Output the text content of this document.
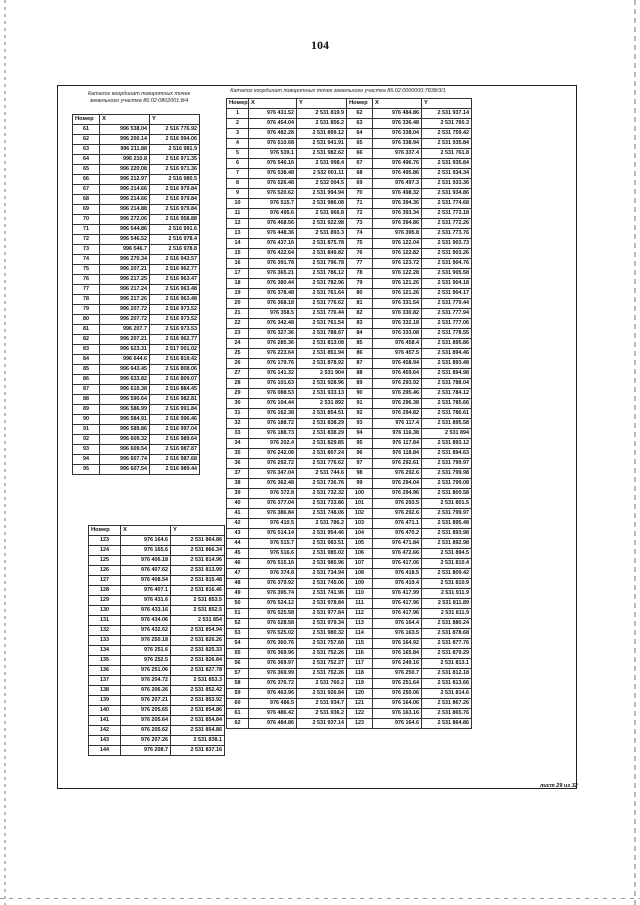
104
Каталог координат поворотных точек
земельного участка 86:02:0802001:8/4
Каталог координат поворотных точек земельного участка 86:02:0000000:7838/3/1
Номер	X	Y
61	996 538.04	2 516 776.92
62	996 200.14	2 516 994.06
63	996 211.88	2 516 981.9
64	996 210.8	2 516 971.35
65	996 220.08	2 516 971.36
66	996 212.97	2 516 980.5
67	996 214.66	2 516 979.84
68	996 214.66	2 516 979.84
69	996 214.88	2 516 979.84
70	996 272.06	2 516 958.88
71	996 544.86	2 516 991.6
72	996 546.52	2 516 978.4
73	996 546.7	2 516 978.8
74	996 270.34	2 516 943.57
75	996 207.21	2 516 962.77
76	996 217.25	2 516 963.47
77	996 217.24	2 516 963.48
78	996 217.26	2 516 963.48
79	996 207.72	2 516 973.52
80	996 207.72	2 516 973.52
81	996 207.7	2 516 973.53
82	996 207.21	2 516 962.77
83	996 623.31	2 517 001.02
84	996 644.6	2 516 819.42
85	996 643.45	2 516 808.06
86	996 633.82	2 516 809.07
87	996 610.38	2 516 884.45
88	996 590.64	2 516 982.81
89	996 586.99	2 516 991.84
90	996 584.91	2 516 996.46
91	996 589.86	2 516 997.04
92	996 609.32	2 516 989.64
93	996 609.54	2 516 987.87
94	996 607.74	2 516 987.68
95	996 607.54	2 516 989.44
Номер	X	Y
1	976 431.52	2 531 819.9
2	976 454.04	2 531 856.2
3	976 482.28	2 531 899.12
4	976 510.68	2 531 941.91
5	976 539.1	2 531 982.62
6	976 546.16	2 531 998.4
7	976 538.48	2 532 001.11
8	976 526.48	2 532 004.5
9	976 520.62	2 531 994.94
10	976 515.7	2 531 986.08
11	976 495.6	2 531 966.8
12	976 468.56	2 531 922.98
13	976 448.36	2 531 893.3
14	976 437.16	2 531 875.78
15	976 422.64	2 531 849.82
16	976 391.78	2 531 796.78
17	976 365.21	2 531 786.12
18	976 380.44	2 531 782.96
19	976 378.48	2 531 761.64
20	976 368.18	2 531 776.62
21	976 358.5	2 531 776.44
22	976 342.48	2 531 761.54
23	976 327.36	2 531 788.67
24	976 285.36	2 531 813.08
25	976 223.64	2 531 851.94
26	976 179.76	2 531 878.92
27	976 141.32	2 531 904
28	976 101.63	2 531 928.96
29	976 088.53	2 531 933.13
30	976 104.44	2 531 892
31	976 162.38	2 531 854.51
32	976 188.72	2 531 838.29
33	976 188.73	2 531 838.29
34	976 202.4	2 531 829.85
35	976 242.08	2 531 807.24
36	976 292.72	2 531 776.62
37	976 347.04	2 531 744.6
38	976 362.48	2 531 736.76
39	976 372.8	2 531 732.32
40	976 377.04	2 531 733.86
41	976 386.84	2 531 748.06
42	976 410.5	2 531 786.2
43	976 514.14	2 531 954.46
44	976 515.7	2 531 983.51
45	976 516.6	2 531 985.02
46	976 515.16	2 531 985.96
47	976 374.8	2 531 734.94
48	976 379.92	2 531 745.06
49	976 395.74	2 531 741.96
50	976 524.12	2 531 978.84
51	976 525.58	2 531 977.84
52	976 528.58	2 531 979.34
53	976 525.02	2 531 980.32
54	976 360.76	2 531 757.68
55	976 369.96	2 531 752.26
56	976 369.97	2 531 752.27
57	976 369.99	2 531 752.26
58	976 376.72	2 531 760.2
59	976 463.96	2 531 926.84
60	976 486.5	2 531 934.7
61	976 486.42	2 531 936.2
62	976 484.86	2 531 937.14
Номер	X	Y
62	976 484.86	2 531 937.14
63	976 336.48	2 531 760.3
64	976 338.04	2 531 759.42
65	976 338.94	2 531 935.84
66	976 337.4	2 531 761.8
67	976 496.76	2 531 935.84
68	976 495.86	2 531 934.34
69	976 497.3	2 531 933.36
70	976 498.32	2 531 934.86
71	976 394.36	2 531 774.68
72	976 393.34	2 531 773.18
73	976 394.86	2 531 772.26
74	976 395.8	2 531 773.76
75	976 122.04	2 531 903.73
76	976 122.82	2 531 903.26
77	976 123.72	2 531 904.76
78	976 122.28	2 531 905.58
79	976 121.26	2 531 904.18
80	976 121.26	2 531 904.17
81	976 331.54	2 531 779.44
82	976 330.82	2 531 777.94
83	976 332.18	2 531 777.06
84	976 333.08	2 531 778.55
85	976 458.4	2 531 895.86
86	976 457.5	2 531 894.46
87	976 458.94	2 531 893.48
88	976 459.64	2 531 894.98
89	976 293.92	2 531 788.04
90	976 295.46	2 531 784.12
91	976 296.38	2 531 785.66
92	976 294.82	2 531 786.61
93	976 117.4	2 531 895.58
94	976 116.38	2 531 894
95	976 117.84	2 531 893.12
96	976 118.84	2 531 894.63
97	976 292.61	2 531 799.97
98	976 292.6	2 531 799.98
99	976 294.04	2 531 799.08
100	976 294.96	2 531 800.58
101	976 293.5	2 531 801.5
102	976 292.6	2 531 799.97
103	976 471.1	2 531 895.48
104	976 470.2	2 531 893.98
105	976 471.84	2 531 892.98
106	976 472.66	2 531 894.5
107	976 417.06	2 531 810.4
108	976 418.5	2 531 809.42
109	976 419.4	2 531 810.9
110	976 417.99	2 531 911.9
111	976 417.96	2 531 811.89
112	976 417.96	2 531 811.9
113	976 164.4	2 531 880.24
114	976 163.5	2 531 878.68
115	976 164.92	2 531 877.76
116	976 165.84	2 531 879.29
117	976 249.16	2 531 813.1
118	976 250.7	2 531 812.18
119	976 251.64	2 531 813.66
120	976 250.06	2 531 814.6
121	976 164.06	2 531 867.26
122	976 163.16	2 531 865.76
123	976 164.6	2 531 864.86
Номер	X	Y
123	976 164.6	2 531 864.86
124	976 165.6	2 531 866.34
125	976 406.18	2 531 814.96
126	976 407.62	2 531 813.99
127	976 408.54	2 531 815.48
128	976 407.1	2 531 816.46
129	976 431.6	2 531 853.5
130	976 433.16	2 531 852.5
131	976 434.06	2 531 854
132	976 432.62	2 531 854.94
133	976 250.18	2 531 826.26
134	976 251.6	2 531 825.33
135	976 252.5	2 531 826.84
136	976 251.06	2 531 827.78
137	976 204.72	2 531 853.3
138	976 206.26	2 531 852.42
139	976 207.21	2 531 853.92
140	976 205.65	2 531 854.86
141	976 205.64	2 531 854.84
142	976 205.62	2 531 854.86
143	976 207.26	2 531 838.1
144	976 208.7	2 531 837.16
лист 29 из 32
